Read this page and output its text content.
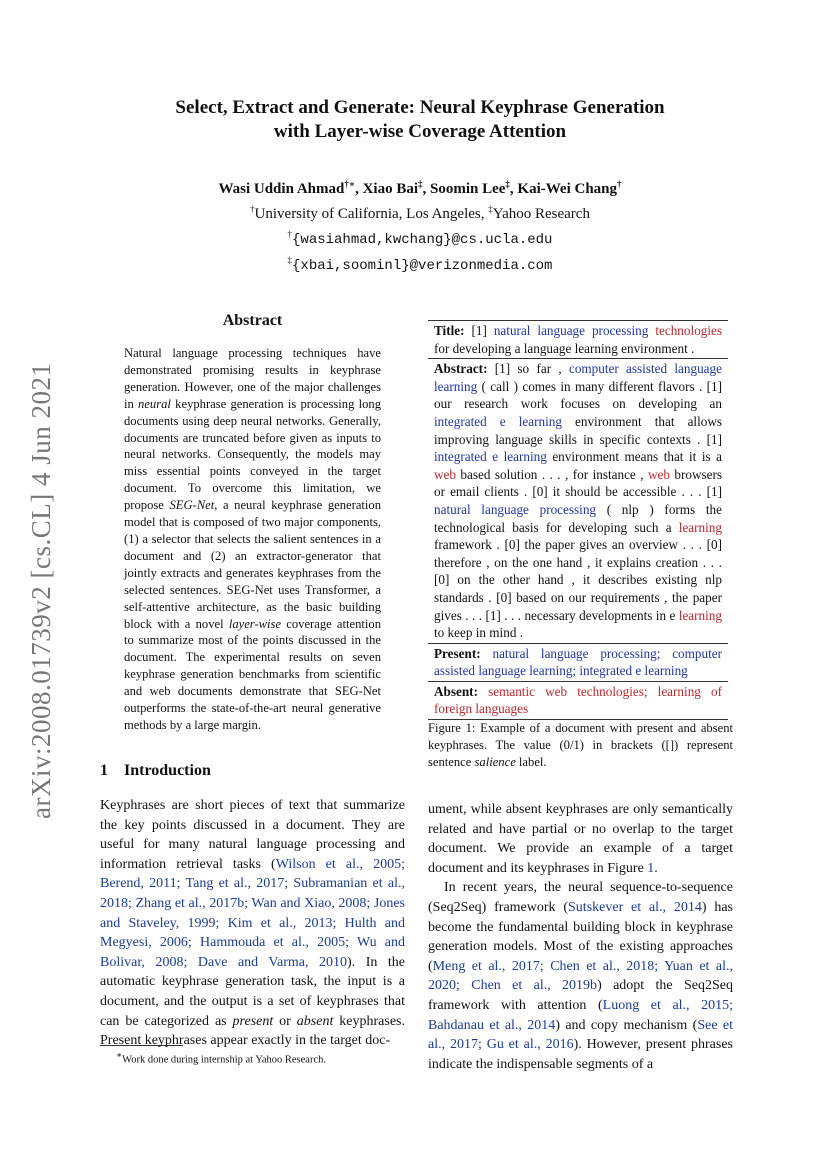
arXiv:2008.01739v2 [cs.CL] 4 Jun 2021
Select, Extract and Generate: Neural Keyphrase Generation
with Layer-wise Coverage Attention
Wasi Uddin Ahmad†∗, Xiao Bai‡, Soomin Lee‡, Kai-Wei Chang†
†University of California, Los Angeles, ‡Yahoo Research
†{wasiahmad,kwchang}@cs.ucla.edu
‡{xbai,soominl}@verizonmedia.com
Abstract
Natural language processing techniques have demonstrated promising results in keyphrase generation. However, one of the major challenges in neural keyphrase generation is processing long documents using deep neural networks. Generally, documents are truncated before given as inputs to neural networks. Consequently, the models may miss essential points conveyed in the target document. To overcome this limitation, we propose SEG-Net, a neural keyphrase generation model that is composed of two major components, (1) a selector that selects the salient sentences in a document and (2) an extractor-generator that jointly extracts and generates keyphrases from the selected sentences. SEG-Net uses Transformer, a self-attentive architecture, as the basic building block with a novel layer-wise coverage attention to summarize most of the points discussed in the document. The experimental results on seven keyphrase generation benchmarks from scientific and web documents demonstrate that SEG-Net outperforms the state-of-the-art neural generative methods by a large margin.
1 Introduction
Keyphrases are short pieces of text that summarize the key points discussed in a document. They are useful for many natural language processing and information retrieval tasks (Wilson et al., 2005; Berend, 2011; Tang et al., 2017; Subramanian et al., 2018; Zhang et al., 2017b; Wan and Xiao, 2008; Jones and Staveley, 1999; Kim et al., 2013; Hulth and Megyesi, 2006; Hammouda et al., 2005; Wu and Bolivar, 2008; Dave and Varma, 2010). In the automatic keyphrase generation task, the input is a document, and the output is a set of keyphrases that can be categorized as present or absent keyphrases. Present keyphrases appear exactly in the target doc-
∗Work done during internship at Yahoo Research.
Title: [1] natural language processing technologies for developing a language learning environment .
Abstract: [1] so far , computer assisted language learning ( call ) comes in many different flavors . [1] our research work focuses on developing an integrated e learning environment that allows improving language skills in specific contexts . [1] integrated e learning environment means that it is a web based solution . . . , for instance , web browsers or email clients . [0] it should be accessible . . . [1] natural language processing ( nlp ) forms the technological basis for developing such a learning framework . [0] the paper gives an overview . . . [0] therefore , on the one hand , it explains creation . . . [0] on the other hand , it describes existing nlp standards . [0] based on our requirements , the paper gives . . . [1] . . . necessary developments in e learning to keep in mind .
Present: natural language processing; computer assisted language learning; integrated e learning
Absent: semantic web technologies; learning of foreign languages
Figure 1: Example of a document with present and absent keyphrases. The value (0/1) in brackets ([]) represent sentence salience label.

ument, while absent keyphrases are only semantically related and have partial or no overlap to the target document. We provide an example of a target document and its keyphrases in Figure 1.

In recent years, the neural sequence-to-sequence (Seq2Seq) framework (Sutskever et al., 2014) has become the fundamental building block in keyphrase generation models. Most of the existing approaches (Meng et al., 2017; Chen et al., 2018; Yuan et al., 2020; Chen et al., 2019b) adopt the Seq2Seq framework with attention (Luong et al., 2015; Bahdanau et al., 2014) and copy mechanism (See et al., 2017; Gu et al., 2016). However, present phrases indicate the indispensable segments of a
